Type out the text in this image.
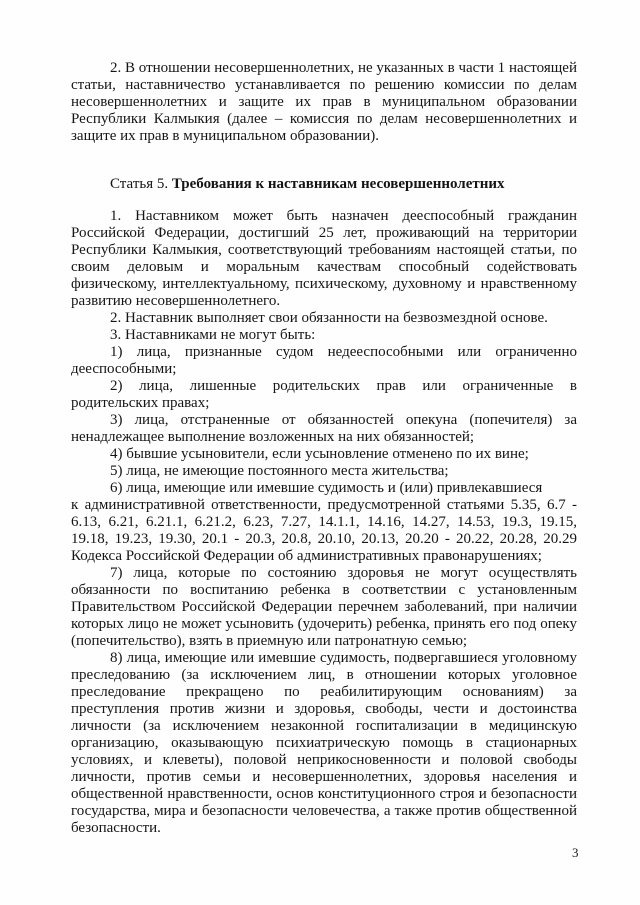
2. В отношении несовершеннолетних, не указанных в части 1 настоящей статьи, наставничество устанавливается по решению комиссии по делам несовершеннолетних и защите их прав в муниципальном образовании Республики Калмыкия (далее – комиссия по делам несовершеннолетних и защите их прав в муниципальном образовании).

Статья 5. Требования к наставникам несовершеннолетних

1. Наставником может быть назначен дееспособный гражданин Российской Федерации, достигший 25 лет, проживающий на территории Республики Калмыкия, соответствующий требованиям настоящей статьи, по своим деловым и моральным качествам способный содействовать физическому, интеллектуальному, психическому, духовному и нравственному развитию несовершеннолетнего.

2. Наставник выполняет свои обязанности на безвозмездной основе.

3. Наставниками не могут быть:

1) лица, признанные судом недееспособными или ограниченно дееспособными;

2) лица, лишенные родительских прав или ограниченные в родительских правах;

3) лица, отстраненные от обязанностей опекуна (попечителя) за ненадлежащее выполнение возложенных на них обязанностей;

4) бывшие усыновители, если усыновление отменено по их вине;

5) лица, не имеющие постоянного места жительства;

6) лица, имеющие или имевшие судимость и (или) привлекавшиеся

к административной ответственности, предусмотренной статьями 5.35, 6.7 - 6.13, 6.21, 6.21.1, 6.21.2, 6.23, 7.27, 14.1.1, 14.16, 14.27, 14.53, 19.3, 19.15, 19.18, 19.23, 19.30, 20.1 - 20.3, 20.8, 20.10, 20.13, 20.20 - 20.22, 20.28, 20.29 Кодекса Российской Федерации об административных правонарушениях;

7) лица, которые по состоянию здоровья не могут осуществлять обязанности по воспитанию ребенка в соответствии с установленным Правительством Российской Федерации перечнем заболеваний, при наличии которых лицо не может усыновить (удочерить) ребенка, принять его под опеку (попечительство), взять в приемную или патронатную семью;

8) лица, имеющие или имевшие судимость, подвергавшиеся уголовному преследованию (за исключением лиц, в отношении которых уголовное преследование прекращено по реабилитирующим основаниям) за преступления против жизни и здоровья, свободы, чести и достоинства личности (за исключением незаконной госпитализации в медицинскую организацию, оказывающую психиатрическую помощь в стационарных условиях, и клеветы), половой неприкосновенности и половой свободы личности, против семьи и несовершеннолетних, здоровья населения и общественной нравственности, основ конституционного строя и безопасности государства, мира и безопасности человечества, а также против общественной безопасности.

3
